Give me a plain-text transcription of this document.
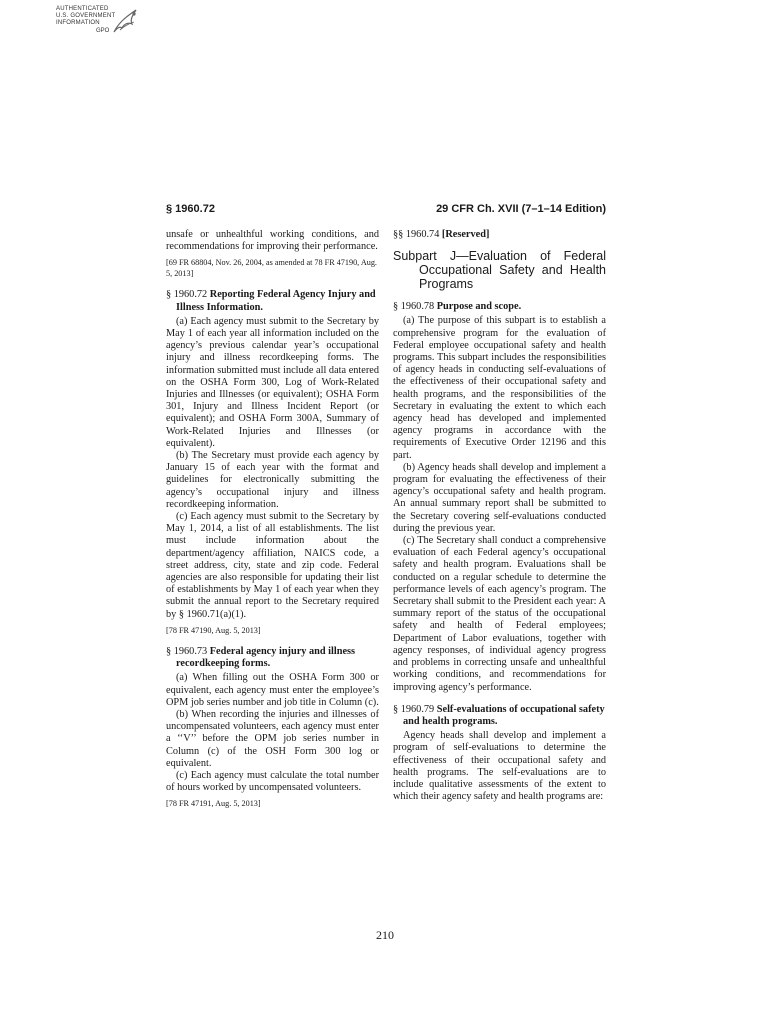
AUTHENTICATED
U.S. GOVERNMENT
INFORMATION
GPO
§ 1960.72	29 CFR Ch. XVII (7–1–14 Edition)

unsafe or unhealthful working conditions, and recommendations for improving their performance.

[69 FR 68804, Nov. 26, 2004, as amended at 78 FR 47190, Aug. 5, 2013]

§ 1960.72 Reporting Federal Agency Injury and Illness Information.

(a) Each agency must submit to the Secretary by May 1 of each year all information included on the agency’s previous calendar year’s occupational injury and illness recordkeeping forms. The information submitted must include all data entered on the OSHA Form 300, Log of Work-Related Injuries and Illnesses (or equivalent); OSHA Form 301, Injury and Illness Incident Report (or equivalent); and OSHA Form 300A, Summary of Work-Related Injuries and Illnesses (or equivalent).

(b) The Secretary must provide each agency by January 15 of each year with the format and guidelines for electronically submitting the agency’s occupational injury and illness recordkeeping information.

(c) Each agency must submit to the Secretary by May 1, 2014, a list of all establishments. The list must include information about the department/agency affiliation, NAICS code, a street address, city, state and zip code. Federal agencies are also responsible for updating their list of establishments by May 1 of each year when they submit the annual report to the Secretary required by § 1960.71(a)(1).

[78 FR 47190, Aug. 5, 2013]

§ 1960.73 Federal agency injury and illness recordkeeping forms.

(a) When filling out the OSHA Form 300 or equivalent, each agency must enter the employee’s OPM job series number and job title in Column (c).

(b) When recording the injuries and illnesses of uncompensated volunteers, each agency must enter a ‘‘V’’ before the OPM job series number in Column (c) of the OSH Form 300 log or equivalent.

(c) Each agency must calculate the total number of hours worked by uncompensated volunteers.

[78 FR 47191, Aug. 5, 2013]

§§ 1960.74 [Reserved]

Subpart J—Evaluation of Federal Occupational Safety and Health Programs

§ 1960.78 Purpose and scope.

(a) The purpose of this subpart is to establish a comprehensive program for the evaluation of Federal employee occupational safety and health programs. This subpart includes the responsibilities of agency heads in conducting self-evaluations of the effectiveness of their occupational safety and health programs, and the responsibilities of the Secretary in evaluating the extent to which each agency head has developed and implemented agency programs in accordance with the requirements of Executive Order 12196 and this part.

(b) Agency heads shall develop and implement a program for evaluating the effectiveness of their agency’s occupational safety and health program. An annual summary report shall be submitted to the Secretary covering self-evaluations conducted during the previous year.

(c) The Secretary shall conduct a comprehensive evaluation of each Federal agency’s occupational safety and health program. Evaluations shall be conducted on a regular schedule to determine the performance levels of each agency’s program. The Secretary shall submit to the President each year: A summary report of the status of the occupational safety and health of Federal employees; Department of Labor evaluations, together with agency responses, of individual agency progress and problems in correcting unsafe and unhealthful working conditions, and recommendations for improving agency’s performance.

§ 1960.79 Self-evaluations of occupational safety and health programs.

Agency heads shall develop and implement a program of self-evaluations to determine the effectiveness of their occupational safety and health programs. The self-evaluations are to include qualitative assessments of the extent to which their agency safety and health programs are:

210
